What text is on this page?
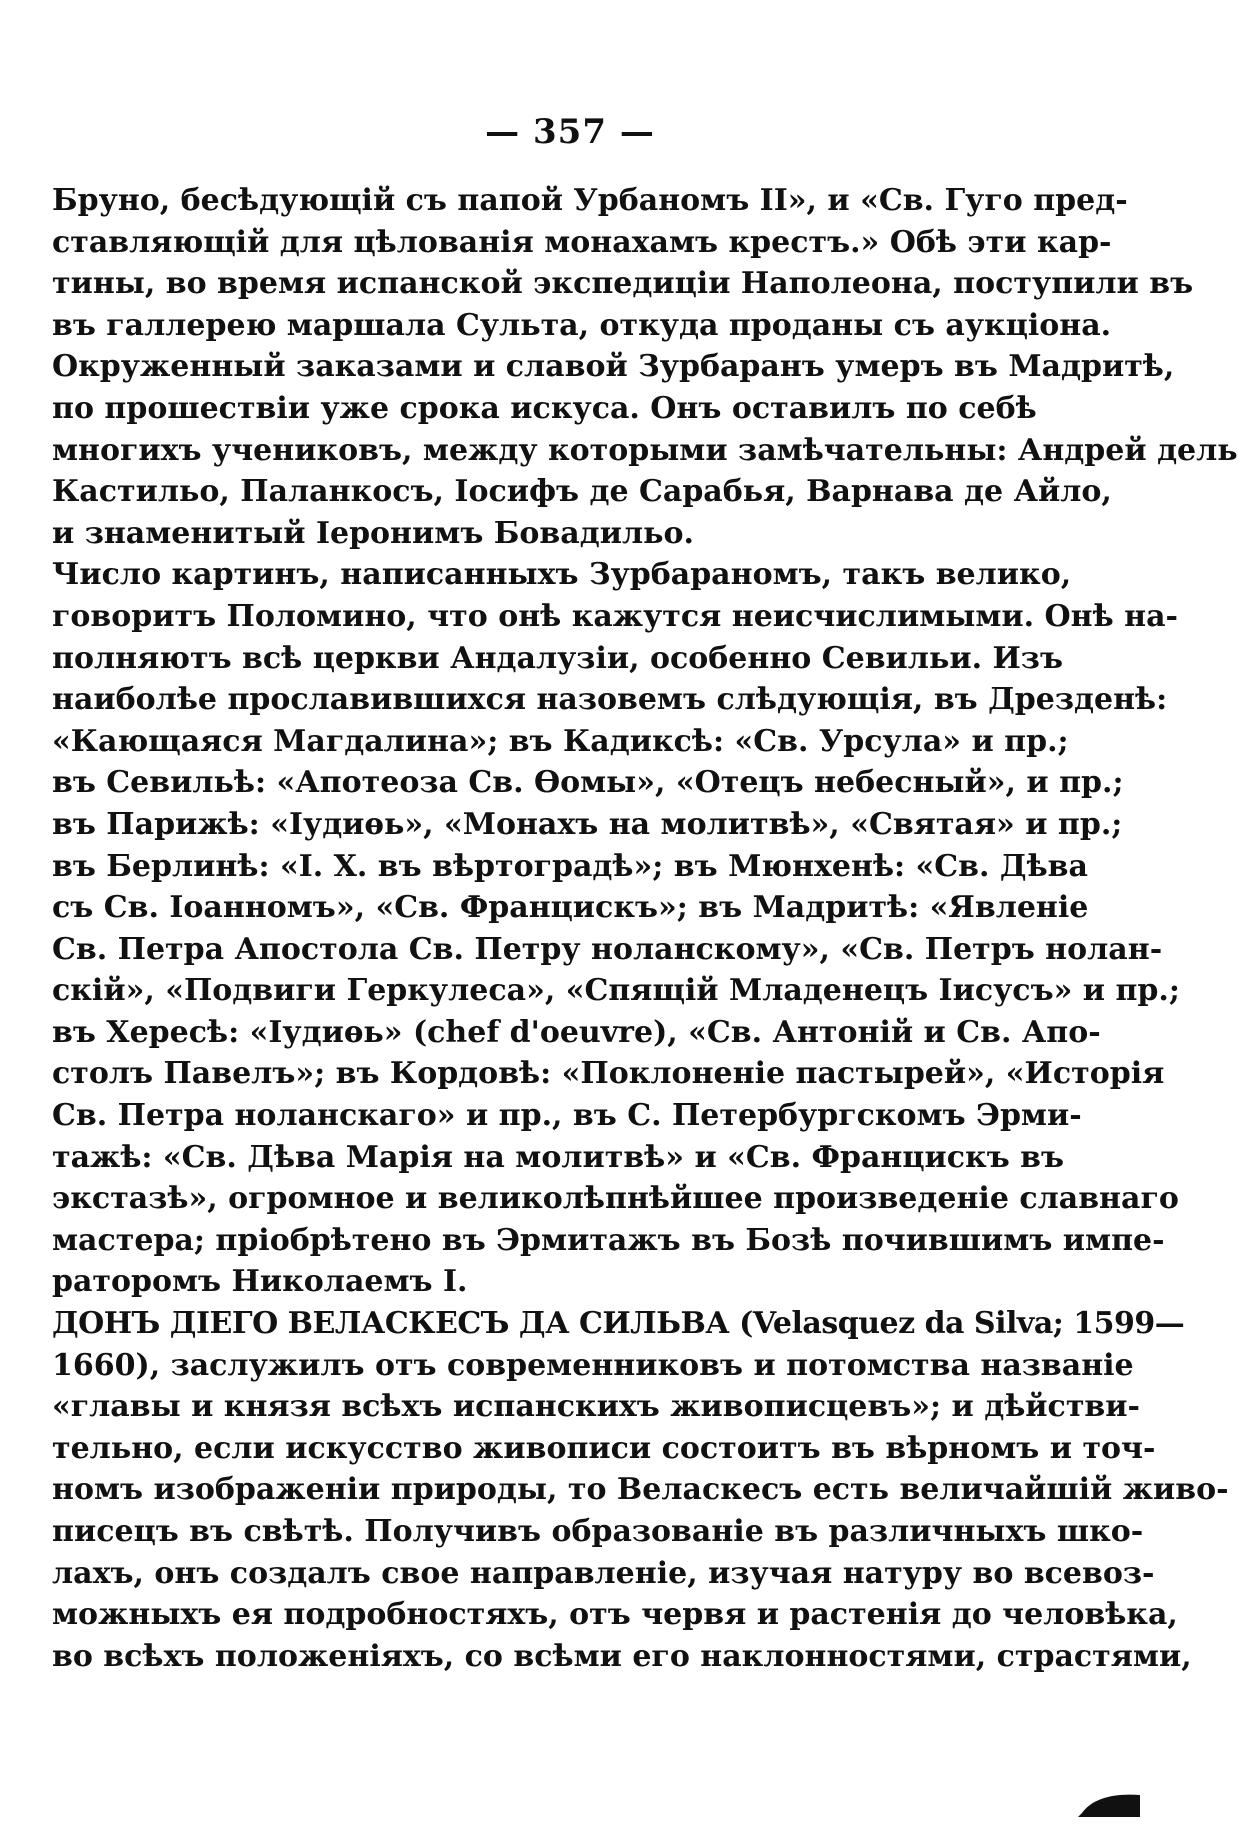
— 357 —
Бруно, бесѣдующій съ папой Урбаномъ II», и «Св. Гуго пред-
ставляющій для цѣлованія монахамъ крестъ.» Обѣ эти кар-
тины, во время испанской экспедиціи Наполеона, поступили въ
въ галлерею маршала Сульта, откуда проданы съ аукціона.
Окруженный заказами и славой Зурбаранъ умеръ въ Мадритѣ,
по прошествіи уже срока искуса. Онъ оставилъ по себѣ
многихъ учениковъ, между которыми замѣчательны: Андрей дель
Кастильо, Паланкосъ, Іосифъ де Сарабья, Варнава де Айло,
и знаменитый Іеронимъ Бовадильо.
Число картинъ, написанныхъ Зурбараномъ, такъ велико,
говоритъ Поломино, что онѣ кажутся неисчислимыми. Онѣ на-
полняютъ всѣ церкви Андалузіи, особенно Севильи. Изъ
наиболѣе прославившихся назовемъ слѣдующія, въ Дрезденѣ:
«Кающаяся Магдалина»; въ Кадиксѣ: «Св. Урсула» и пр.;
въ Севильѣ: «Апотеоза Св. Ѳомы», «Отецъ небесный», и пр.;
въ Парижѣ: «Іудиѳь», «Монахъ на молитвѣ», «Святая» и пр.;
въ Берлинѣ: «І. Х. въ вѣртоградѣ»; въ Мюнхенѣ: «Св. Дѣва
съ Св. Іоанномъ», «Св. Францискъ»; въ Мадритѣ: «Явленіе
Св. Петра Апостола Св. Петру ноланскому», «Св. Петръ нолан-
скій», «Подвиги Геркулеса», «Спящій Младенецъ Іисусъ» и пр.;
въ Хересѣ: «Іудиѳь» (chef d'oeuvre), «Св. Антоній и Св. Апо-
столъ Павелъ»; въ Кордовѣ: «Поклоненіе пастырей», «Исторія
Св. Петра ноланскаго» и пр., въ С. Петербургскомъ Эрми-
тажѣ: «Св. Дѣва Марія на молитвѣ» и «Св. Францискъ въ
экстазѣ», огромное и великолѣпнѣйшее произведеніе славнаго
мастера; пріобрѣтено въ Эрмитажъ въ Бозѣ почившимъ импе-
раторомъ Николаемъ I.
ДОНЪ ДІЕГО ВЕЛАСКЕСЪ ДА СИЛЬВА (Velasquez da Silva; 1599—
1660), заслужилъ отъ современниковъ и потомства названіе
«главы и князя всѣхъ испанскихъ живописцевъ»; и дѣйстви-
тельно, если искусство живописи состоитъ въ вѣрномъ и точ-
номъ изображеніи природы, то Веласкесъ есть величайшій живо-
писецъ въ свѣтѣ. Получивъ образованіе въ различныхъ шко-
лахъ, онъ создалъ свое направленіе, изучая натуру во всевоз-
можныхъ ея подробностяхъ, отъ червя и растенія до человѣка,
во всѣхъ положеніяхъ, со всѣми его наклонностями, страстями,
